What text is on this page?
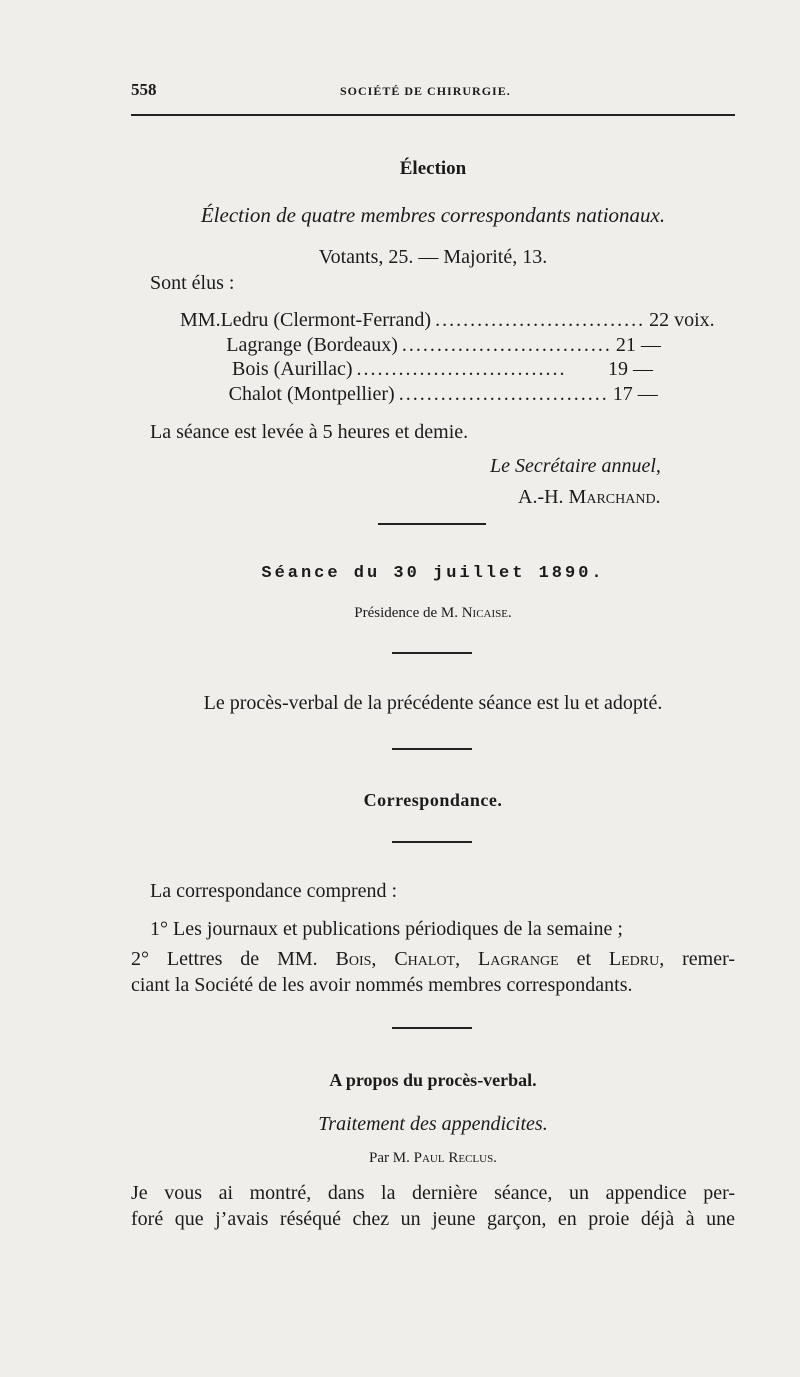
558	SOCIÉTÉ DE CHIRURGIE.
Élection
Élection de quatre membres correspondants nationaux.
Votants, 25. — Majorité, 13.
Sont élus :
MM. Ledru (Clermont-Ferrand) .............................. 22 voix.
Lagrange (Bordeaux) .............................. 21 —
Bois (Aurillac) ..............................	19 —
Chalot (Montpellier) .............................. 17 —
La séance est levée à 5 heures et demie.
Le Secrétaire annuel,
A.-H. Marchand.
Séance du 30 juillet 1890.
Présidence de M. Nicaise.
Le procès-verbal de la précédente séance est lu et adopté.
Correspondance.
La correspondance comprend :
1° Les journaux et publications périodiques de la semaine ;
2° Lettres de MM. Bois, Chalot, Lagrange et Ledru, remer-
ciant la Société de les avoir nommés membres correspondants.
A propos du procès-verbal.
Traitement des appendicites.
Par M. Paul Reclus.
Je vous ai montré, dans la dernière séance, un appendice per-
foré que j’avais réséqué chez un jeune garçon, en proie déjà à une
